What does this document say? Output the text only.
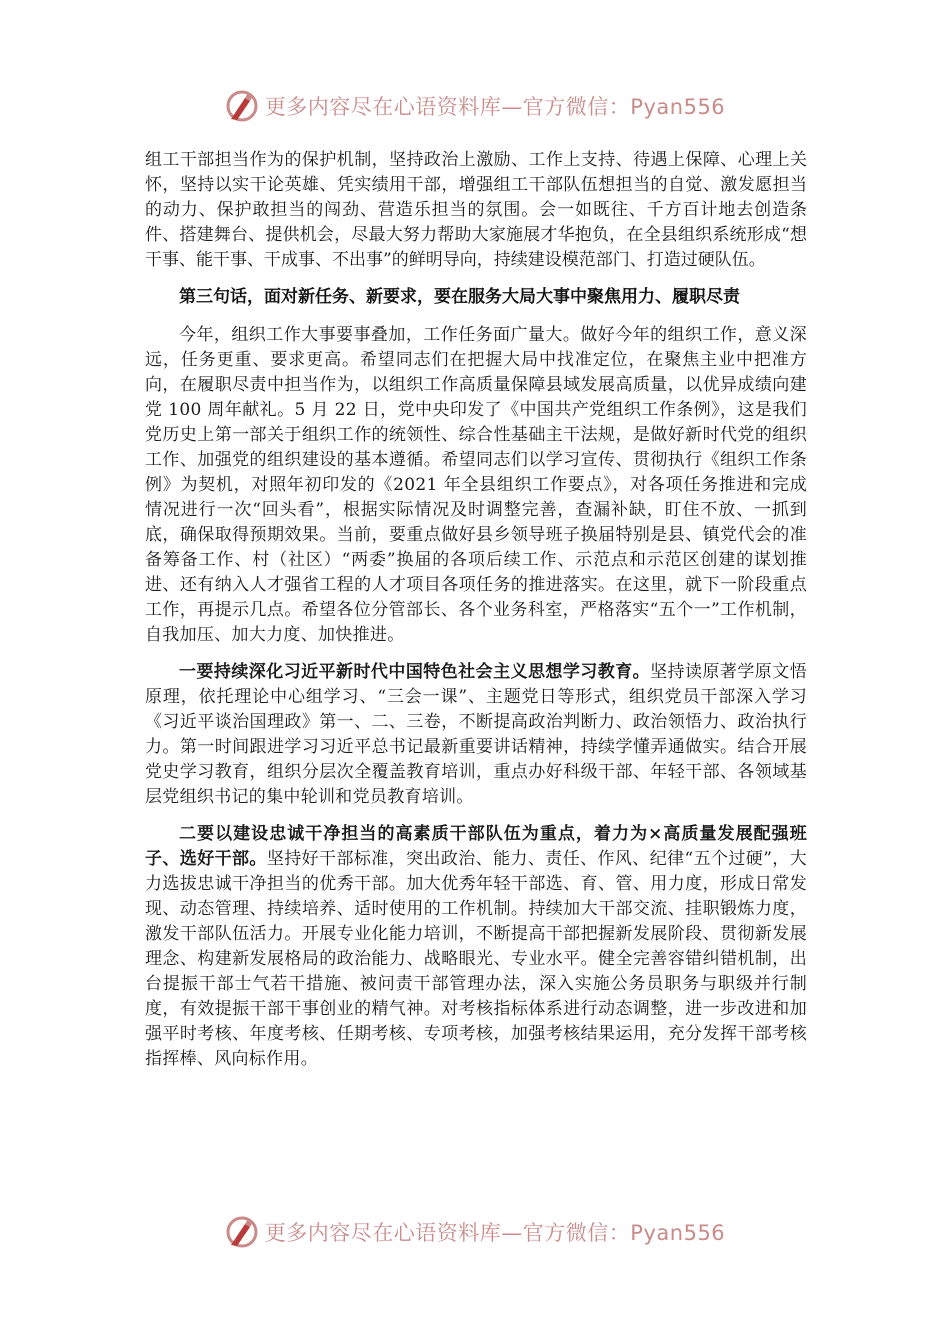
更多内容尽在心语资料库—官方微信：Pyan556

组工干部担当作为的保护机制，坚持政治上激励、工作上支持、待遇上保障、心理上关怀，坚持以实干论英雄、凭实绩用干部，增强组工干部队伍想担当的自觉、激发愿担当的动力、保护敢担当的闯劲、营造乐担当的氛围。会一如既往、千方百计地去创造条件、搭建舞台、提供机会，尽最大努力帮助大家施展才华抱负，在全县组织系统形成“想干事、能干事、干成事、不出事”的鲜明导向，持续建设模范部门、打造过硬队伍。

第三句话，面对新任务、新要求，要在服务大局大事中聚焦用力、履职尽责

今年，组织工作大事要事叠加，工作任务面广量大。做好今年的组织工作，意义深远，任务更重、要求更高。希望同志们在把握大局中找准定位，在聚焦主业中把准方向，在履职尽责中担当作为，以组织工作高质量保障县域发展高质量，以优异成绩向建党 100 周年献礼。5 月 22 日，党中央印发了《中国共产党组织工作条例》，这是我们党历史上第一部关于组织工作的统领性、综合性基础主干法规，是做好新时代党的组织工作、加强党的组织建设的基本遵循。希望同志们以学习宣传、贯彻执行《组织工作条例》为契机，对照年初印发的《2021 年全县组织工作要点》，对各项任务推进和完成情况进行一次“回头看”，根据实际情况及时调整完善，查漏补缺，盯住不放、一抓到底，确保取得预期效果。当前，要重点做好县乡领导班子换届特别是县、镇党代会的准备筹备工作、村（社区）“两委”换届的各项后续工作、示范点和示范区创建的谋划推进、还有纳入人才强省工程的人才项目各项任务的推进落实。在这里，就下一阶段重点工作，再提示几点。希望各位分管部长、各个业务科室，严格落实“五个一”工作机制，自我加压、加大力度、加快推进。

一要持续深化习近平新时代中国特色社会主义思想学习教育。坚持读原著学原文悟原理，依托理论中心组学习、“三会一课”、主题党日等形式，组织党员干部深入学习《习近平谈治国理政》第一、二、三卷，不断提高政治判断力、政治领悟力、政治执行力。第一时间跟进学习习近平总书记最新重要讲话精神，持续学懂弄通做实。结合开展党史学习教育，组织分层次全覆盖教育培训，重点办好科级干部、年轻干部、各领域基层党组织书记的集中轮训和党员教育培训。

二要以建设忠诚干净担当的高素质干部队伍为重点，着力为×高质量发展配强班子、选好干部。坚持好干部标准，突出政治、能力、责任、作风、纪律“五个过硬”，大力选拔忠诚干净担当的优秀干部。加大优秀年轻干部选、育、管、用力度，形成日常发现、动态管理、持续培养、适时使用的工作机制。持续加大干部交流、挂职锻炼力度，激发干部队伍活力。开展专业化能力培训，不断提高干部把握新发展阶段、贯彻新发展理念、构建新发展格局的政治能力、战略眼光、专业水平。健全完善容错纠错机制，出台提振干部士气若干措施、被问责干部管理办法，深入实施公务员职务与职级并行制度，有效提振干部干事创业的精气神。对考核指标体系进行动态调整，进一步改进和加强平时考核、年度考核、任期考核、专项考核，加强考核结果运用，充分发挥干部考核指挥棒、风向标作用。

更多内容尽在心语资料库—官方微信：Pyan556
